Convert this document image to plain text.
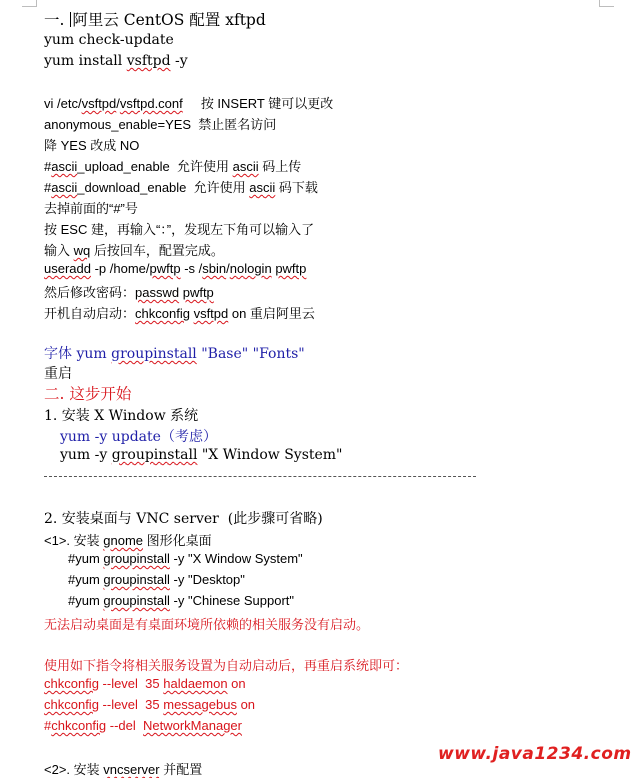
一. 阿里云 CentOS 配置 xftpd
yum check-update
yum install vsftpd -y
vi /etc/vsftpd/vsftpd.conf     按 INSERT 键可以更改
anonymous_enable=YES  禁止匿名访问
降 YES 改成 NO
#ascii_upload_enable  允许使用 ascii 码上传
#ascii_download_enable  允许使用 ascii 码下载
去掉前面的“#”号
按 ESC 建，再输入“：”，发现左下角可以输入了
输入 wq 后按回车，配置完成。
useradd -p /home/pwftp -s /sbin/nologin pwftp
然后修改密码：passwd pwftp
开机自动启动：chkconfig vsftpd on 重启阿里云
字体 yum groupinstall "Base" "Fonts"
重启
二. 这步开始
1. 安装 X Window 系统
yum -y update（考虑）
yum -y groupinstall "X Window System"
2. 安装桌面与 VNC server  (此步骤可省略)
<1>. 安装 gnome 图形化桌面
#yum groupinstall -y "X Window System"
#yum groupinstall -y "Desktop"
#yum groupinstall -y "Chinese Support"
无法启动桌面是有桌面环境所依赖的相关服务没有启动。
使用如下指令将相关服务设置为自动启动后，再重启系统即可：
chkconfig --level  35 haldaemon on
chkconfig --level  35 messagebus on
#chkconfig --del  NetworkManager
<2>. 安装 vncserver 并配置
www.java1234.com
